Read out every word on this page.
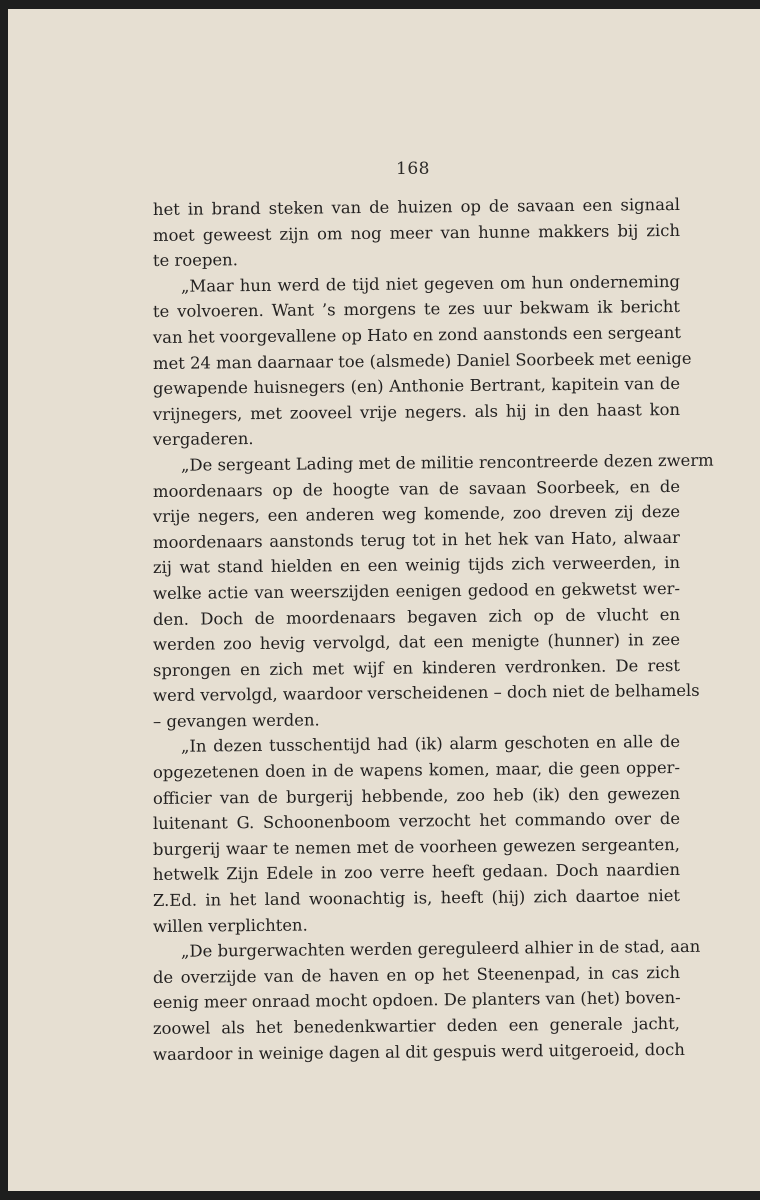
168
het in brand steken van de huizen op de savaan een signaal
moet geweest zijn om nog meer van hunne makkers bij zich
te roepen.
„Maar hun werd de tijd niet gegeven om hun onderneming
te volvoeren. Want ’s morgens te zes uur bekwam ik bericht
van het voorgevallene op Hato en zond aanstonds een sergeant
met 24 man daarnaar toe (alsmede) Daniel Soorbeek met eenige
gewapende huisnegers (en) Anthonie Bertrant, kapitein van de
vrijnegers, met zooveel vrije negers. als hij in den haast kon
vergaderen.
„De sergeant Lading met de militie rencontreerde dezen zwerm
moordenaars op de hoogte van de savaan Soorbeek, en de
vrije negers, een anderen weg komende, zoo dreven zij deze
moordenaars aanstonds terug tot in het hek van Hato, alwaar
zij wat stand hielden en een weinig tijds zich verweerden, in
welke actie van weerszijden eenigen gedood en gekwetst wer-
den. Doch de moordenaars begaven zich op de vlucht en
werden zoo hevig vervolgd, dat een menigte (hunner) in zee
sprongen en zich met wijf en kinderen verdronken. De rest
werd vervolgd, waardoor verscheidenen – doch niet de belhamels
– gevangen werden.
„In dezen tusschentijd had (ik) alarm geschoten en alle de
opgezetenen doen in de wapens komen, maar, die geen opper-
officier van de burgerij hebbende, zoo heb (ik) den gewezen
luitenant G. Schoonenboom verzocht het commando over de
burgerij waar te nemen met de voorheen gewezen sergeanten,
hetwelk Zijn Edele in zoo verre heeft gedaan. Doch naardien
Z.Ed. in het land woonachtig is, heeft (hij) zich daartoe niet
willen verplichten.
„De burgerwachten werden gereguleerd alhier in de stad, aan
de overzijde van de haven en op het Steenenpad, in cas zich
eenig meer onraad mocht opdoen. De planters van (het) boven-
zoowel als het benedenkwartier deden een generale jacht,
waardoor in weinige dagen al dit gespuis werd uitgeroeid, doch
